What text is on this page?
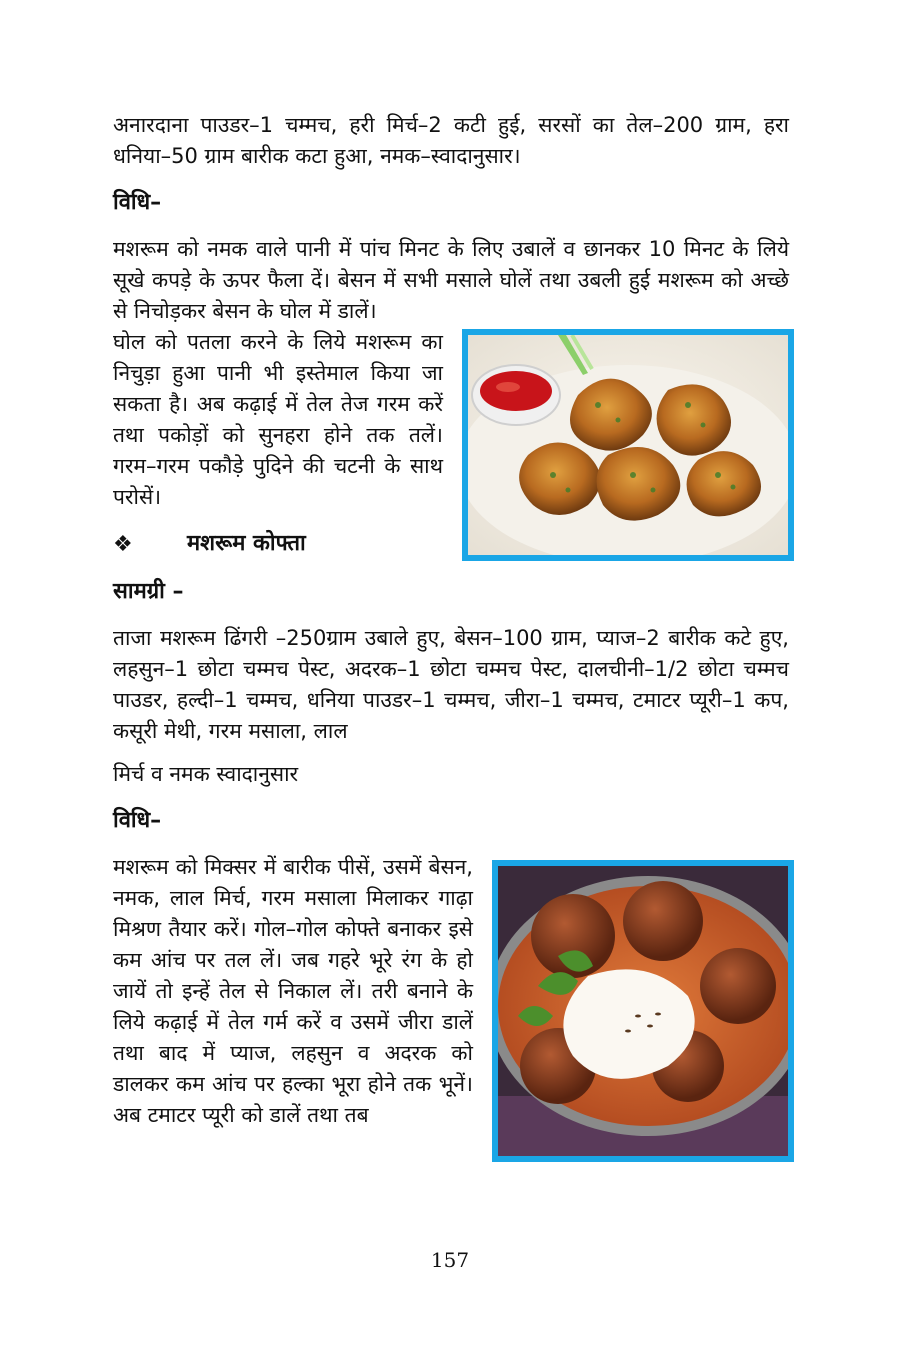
अनारदाना पाउडर–1 चम्मच, हरी मिर्च–2 कटी हुई, सरसों का तेल–200 ग्राम, हरा धनिया–50 ग्राम बारीक कटा हुआ, नमक–स्वादानुसार।

विधि–

मशरूम को नमक वाले पानी में पांच मिनट के लिए उबालें व छानकर 10 मिनट के लिये सूखे कपड़े के ऊपर फैला दें। बेसन में सभी मसाले घोलें तथा उबली हुई मशरूम को अच्छे से निचोड़कर बेसन के घोल में डालें।

घोल को पतला करने के लिये मशरूम का निचुड़ा हुआ पानी भी इस्तेमाल किया जा सकता है। अब कढ़ाई में तेल तेज गरम करें तथा पकोड़ों को सुनहरा होने तक तलें। गरम–गरम पकौड़े पुदिने की चटनी के साथ परोसें।

❖	मशरूम कोफ्ता

सामग्री –

ताजा मशरूम ढिंगरी –250ग्राम उबाले हुए, बेसन–100 ग्राम, प्याज–2 बारीक कटे हुए, लहसुन–1 छोटा चम्मच पेस्ट, अदरक–1 छोटा चम्मच पेस्ट, दालचीनी–1/2 छोटा चम्मच पाउडर, हल्दी–1 चम्मच, धनिया पाउडर–1 चम्मच, जीरा–1 चम्मच, टमाटर प्यूरी–1 कप, कसूरी मेथी, गरम मसाला, लाल

मिर्च व नमक स्वादानुसार

विधि–

मशरूम को मिक्सर में बारीक पीसें, उसमें बेसन, नमक, लाल मिर्च, गरम मसाला मिलाकर गाढ़ा मिश्रण तैयार करें। गोल–गोल कोफ्ते बनाकर इसे कम आंच पर तल लें। जब गहरे भूरे रंग के हो जायें तो इन्हें तेल से निकाल लें। तरी बनाने के लिये कढ़ाई में तेल गर्म करें व उसमें जीरा डालें तथा बाद में प्याज, लहसुन व अदरक को डालकर कम आंच पर हल्का भूरा होने तक भूनें। अब टमाटर प्यूरी को डालें तथा तब

157
